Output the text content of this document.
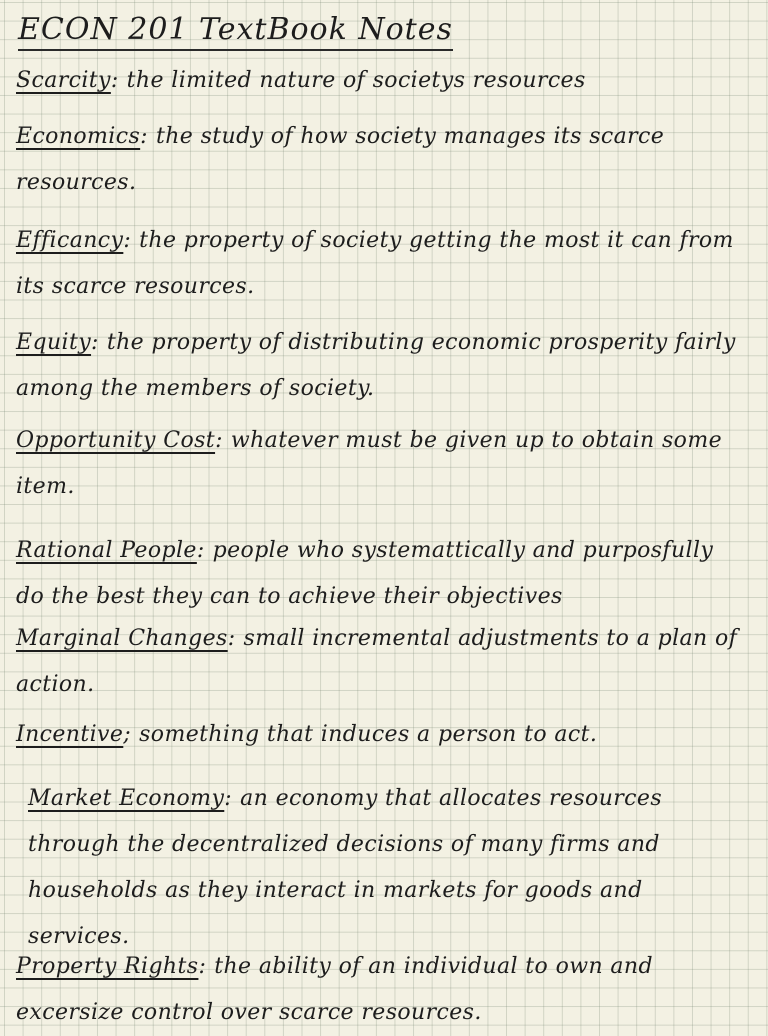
ECON 201 TextBook Notes
Scarcity: the limited nature of societys resources
Economics: the study of how society manages its scarce resources.
Efficancy: the property of society getting the most it can from its scarce resources.
Equity: the property of distributing economic prosperity fairly among the members of society.
Opportunity Cost: whatever must be given up to obtain some item.
Rational People: people who systemattically and purposfully do the best they can to achieve their objectives
Marginal Changes: small incremental adjustments to a plan of action.
Incentive; something that induces a person to act.
Market Economy: an economy that allocates resources through the decentralized decisions of many firms and households as they interact in markets for goods and services.
Property Rights: the ability of an individual to own and excersize control over scarce resources.
